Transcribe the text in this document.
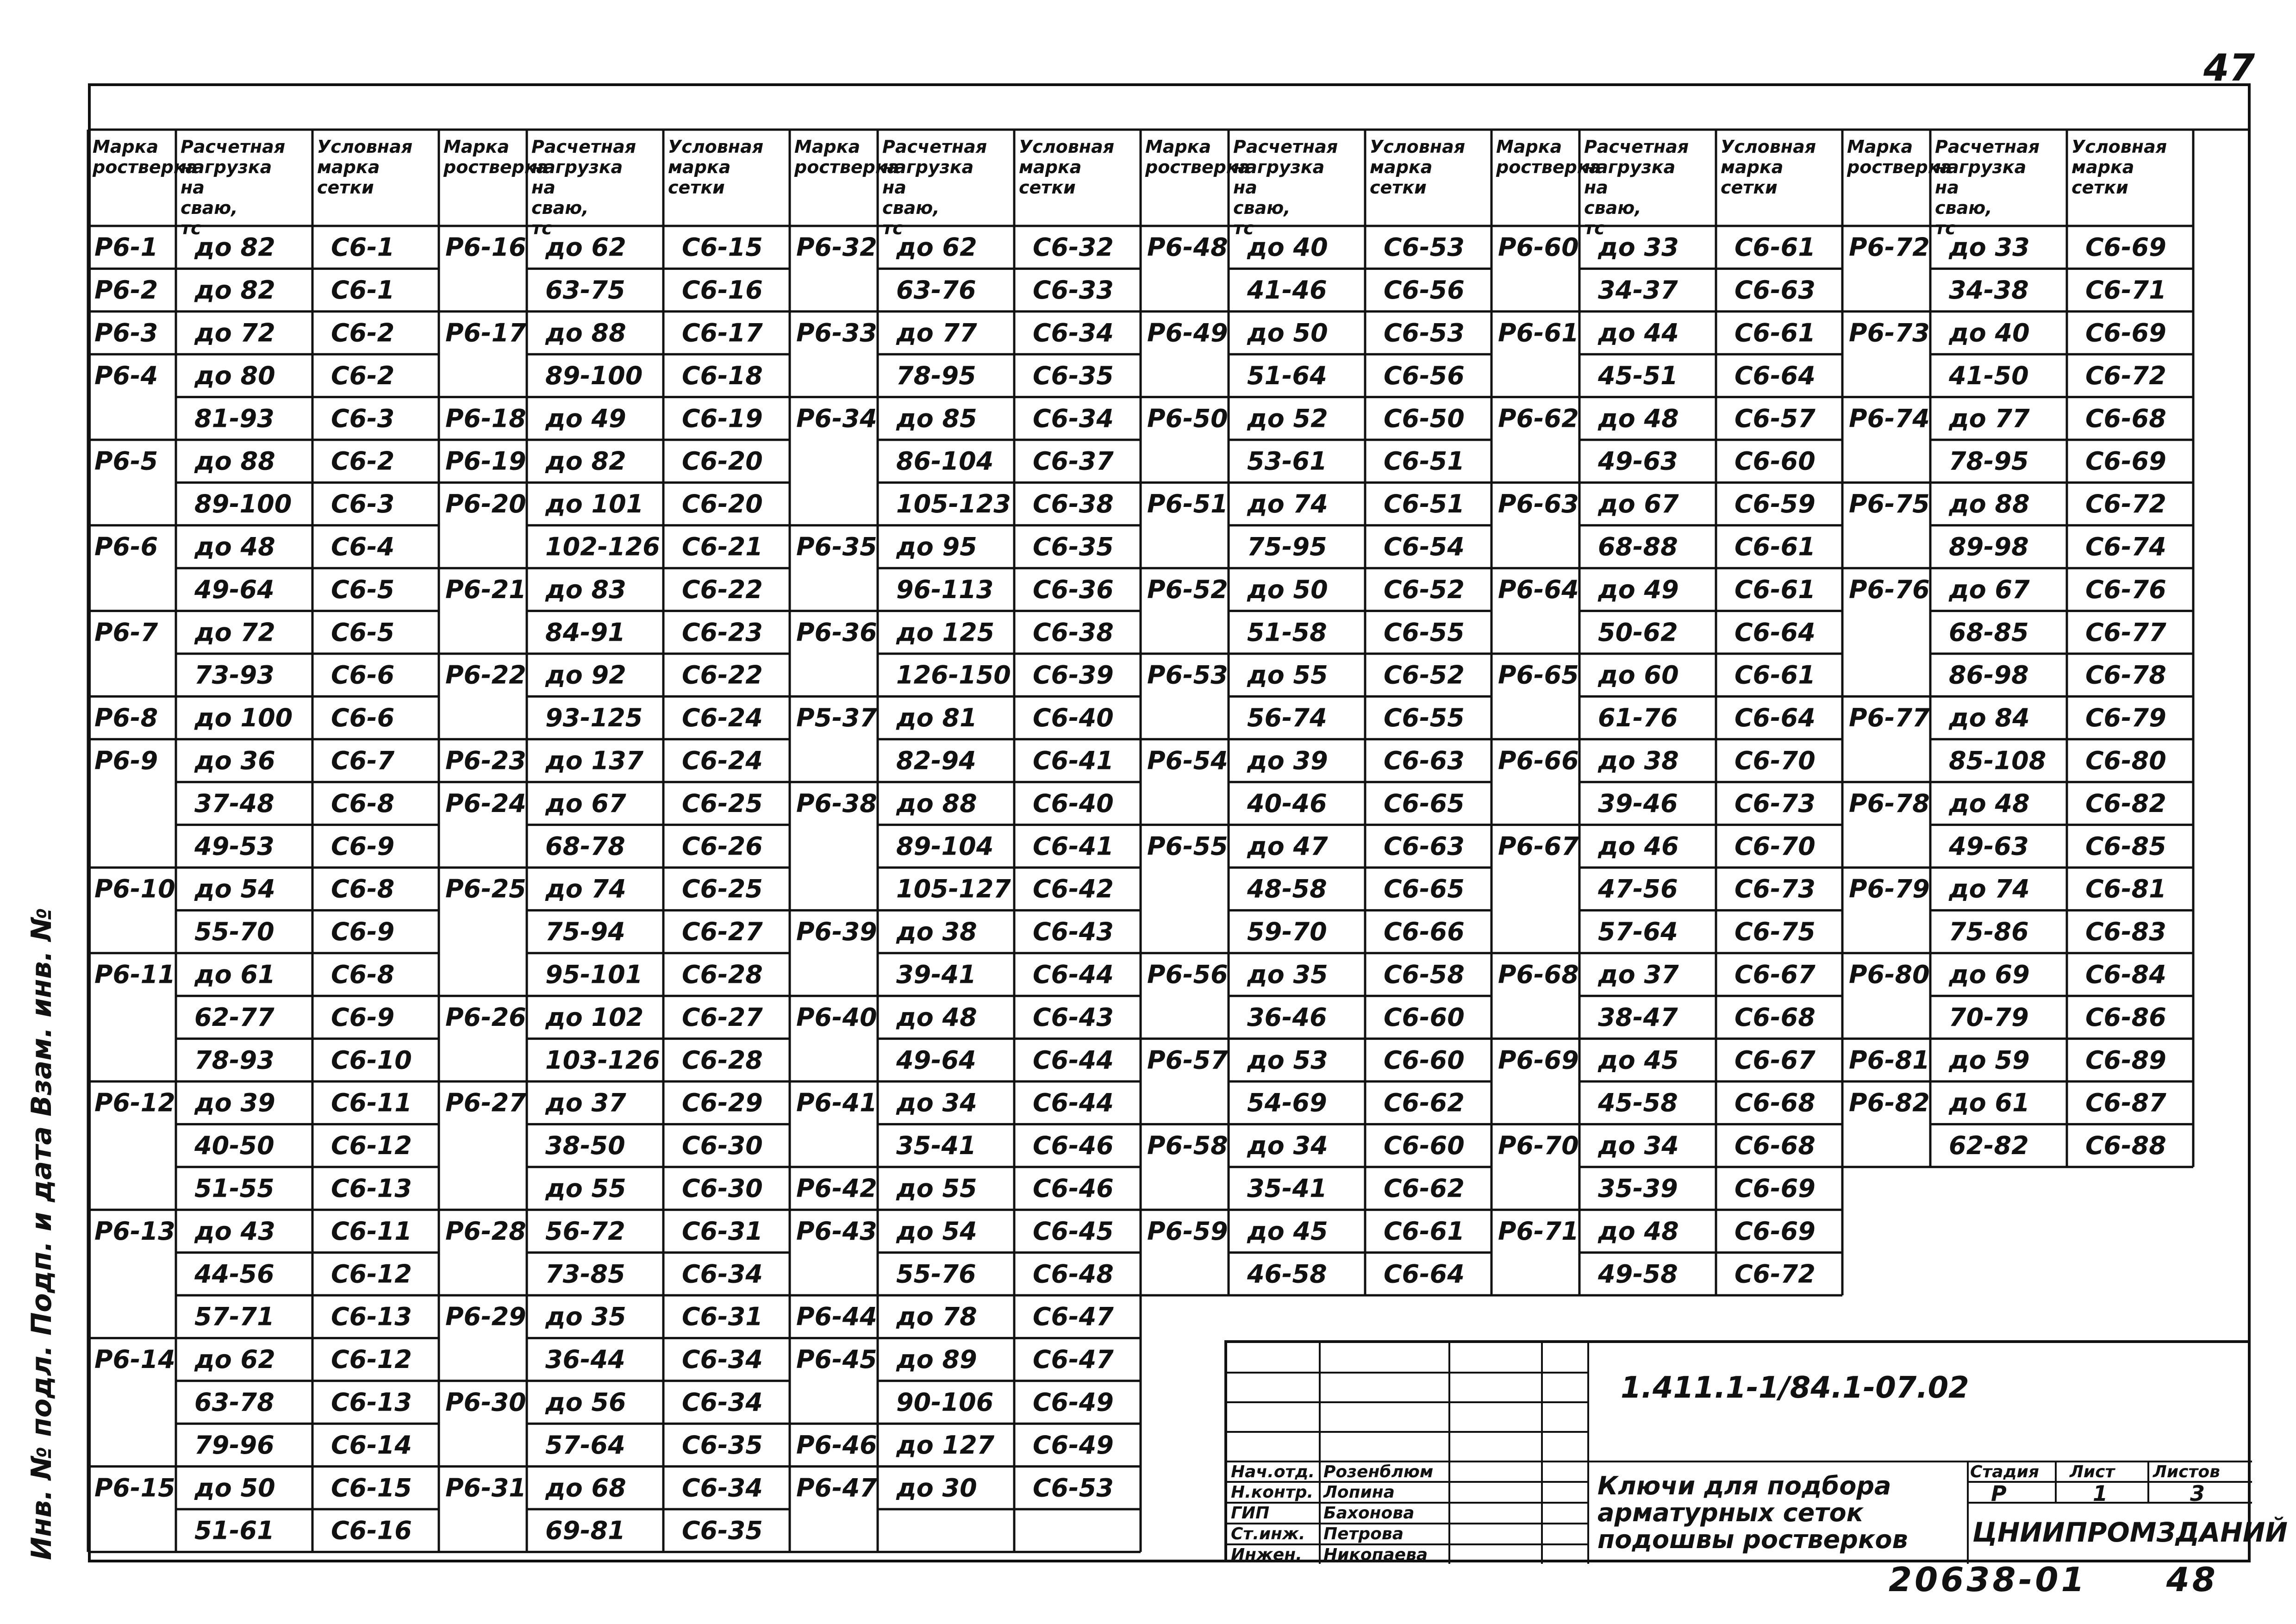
47
20638-01 48
Инв. № подл. Подп. и дата Взам. инв. №
Марка
ростверка
Расчетная
нагрузка
на
сваю,
тс
Условная
марка
сетки
Р6-1 до 82 С6-1
Р6-2 до 82 С6-1
Р6-3 до 72 С6-2
Р6-4 до 80 С6-2
81-93 С6-3
Р6-5 до 88 С6-2
89-100 С6-3
Р6-6 до 48 С6-4
49-64 С6-5
Р6-7 до 72 С6-5
73-93 С6-6
Р6-8 до 100 С6-6
Р6-9 до 36 С6-7
37-48 С6-8
49-53 С6-9
Р6-10 до 54 С6-8
55-70 С6-9
Р6-11 до 61 С6-8
62-77 С6-9
78-93 С6-10
Р6-12 до 39 С6-11
40-50 С6-12
51-55 С6-13
Р6-13 до 43 С6-11
44-56 С6-12
57-71 С6-13
Р6-14 до 62 С6-12
63-78 С6-13
79-96 С6-14
Р6-15 до 50 С6-15
51-61 С6-16
Марка
ростверка
Расчетная
нагрузка
на
сваю,
тс
Условная
марка
сетки
Р6-16 до 62 С6-15
63-75 С6-16
Р6-17 до 88 С6-17
89-100 С6-18
Р6-18 до 49 С6-19
Р6-19 до 82 С6-20
Р6-20 до 101 С6-20
102-126 С6-21
Р6-21 до 83 С6-22
84-91 С6-23
Р6-22 до 92 С6-22
93-125 С6-24
Р6-23 до 137 С6-24
Р6-24 до 67 С6-25
68-78 С6-26
Р6-25 до 74 С6-25
75-94 С6-27
95-101 С6-28
Р6-26 до 102 С6-27
103-126 С6-28
Р6-27 до 37 С6-29
38-50 С6-30
до 55 С6-30
Р6-28 56-72 С6-31
73-85 С6-34
Р6-29 до 35 С6-31
36-44 С6-34
Р6-30 до 56 С6-34
57-64 С6-35
Р6-31 до 68 С6-34
69-81 С6-35
Марка
ростверка
Расчетная
нагрузка
на
сваю,
тс
Условная
марка
сетки
Р6-32 до 62 С6-32
63-76 С6-33
Р6-33 до 77 С6-34
78-95 С6-35
Р6-34 до 85 С6-34
86-104 С6-37
105-123 С6-38
Р6-35 до 95 С6-35
96-113 С6-36
Р6-36 до 125 С6-38
126-150 С6-39
Р5-37 до 81 С6-40
82-94 С6-41
Р6-38 до 88 С6-40
89-104 С6-41
105-127 С6-42
Р6-39 до 38 С6-43
39-41 С6-44
Р6-40 до 48 С6-43
49-64 С6-44
Р6-41 до 34 С6-44
35-41 С6-46
Р6-42 до 55 С6-46
Р6-43 до 54 С6-45
55-76 С6-48
Р6-44 до 78 С6-47
Р6-45 до 89 С6-47
90-106 С6-49
Р6-46 до 127 С6-49
Р6-47 до 30 С6-53
Марка
ростверка
Расчетная
нагрузка
на
сваю,
тс
Условная
марка
сетки
Р6-48 до 40 С6-53
41-46 С6-56
Р6-49 до 50 С6-53
51-64 С6-56
Р6-50 до 52 С6-50
53-61 С6-51
Р6-51 до 74 С6-51
75-95 С6-54
Р6-52 до 50 С6-52
51-58 С6-55
Р6-53 до 55 С6-52
56-74 С6-55
Р6-54 до 39 С6-63
40-46 С6-65
Р6-55 до 47 С6-63
48-58 С6-65
59-70 С6-66
Р6-56 до 35 С6-58
36-46 С6-60
Р6-57 до 53 С6-60
54-69 С6-62
Р6-58 до 34 С6-60
35-41 С6-62
Р6-59 до 45 С6-61
46-58 С6-64
Марка
ростверка
Расчетная
нагрузка
на
сваю,
тс
Условная
марка
сетки
Р6-60 до 33 С6-61
34-37 С6-63
Р6-61 до 44 С6-61
45-51 С6-64
Р6-62 до 48 С6-57
49-63 С6-60
Р6-63 до 67 С6-59
68-88 С6-61
Р6-64 до 49 С6-61
50-62 С6-64
Р6-65 до 60 С6-61
61-76 С6-64
Р6-66 до 38 С6-70
39-46 С6-73
Р6-67 до 46 С6-70
47-56 С6-73
57-64 С6-75
Р6-68 до 37 С6-67
38-47 С6-68
Р6-69 до 45 С6-67
45-58 С6-68
Р6-70 до 34 С6-68
35-39 С6-69
Р6-71 до 48 С6-69
49-58 С6-72
Марка
ростверка
Расчетная
нагрузка
на
сваю,
тс
Условная
марка
сетки
Р6-72 до 33 С6-69
34-38 С6-71
Р6-73 до 40 С6-69
41-50 С6-72
Р6-74 до 77 С6-68
78-95 С6-69
Р6-75 до 88 С6-72
89-98 С6-74
Р6-76 до 67 С6-76
68-85 С6-77
86-98 С6-78
Р6-77 до 84 С6-79
85-108 С6-80
Р6-78 до 48 С6-82
49-63 С6-85
Р6-79 до 74 С6-81
75-86 С6-83
Р6-80 до 69 С6-84
70-79 С6-86
Р6-81 до 59 С6-89
Р6-82 до 61 С6-87
62-82 С6-88
1.411.1-1/84.1-07.02
Ключи для подбора арматурных сеток подошвы ростверков
Стадия Лист Листов
Р	1	3
ЦНИИПРОМЗДАНИЙ
Нач.отд. Розенблюм
Н.контр. Лопина
ГИП	Бахонова
Ст.инж. Петрова
Инжен. Никопаева
